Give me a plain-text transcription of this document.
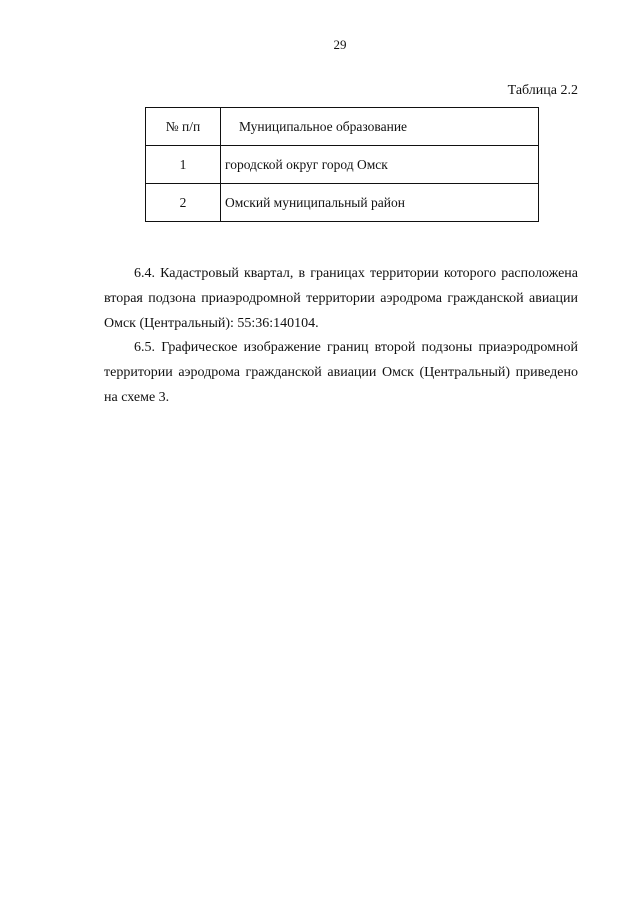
29
Таблица 2.2
№ п/п	Муниципальное образование
1	городской округ город Омск
2	Омский муниципальный район

6.4. Кадастровый квартал, в границах территории которого расположена вторая подзона приаэродромной территории аэродрома гражданской авиации Омск (Центральный): 55:36:140104.

6.5. Графическое изображение границ второй подзоны приаэродромной территории аэродрома гражданской авиации Омск (Центральный) приведено на схеме 3.
